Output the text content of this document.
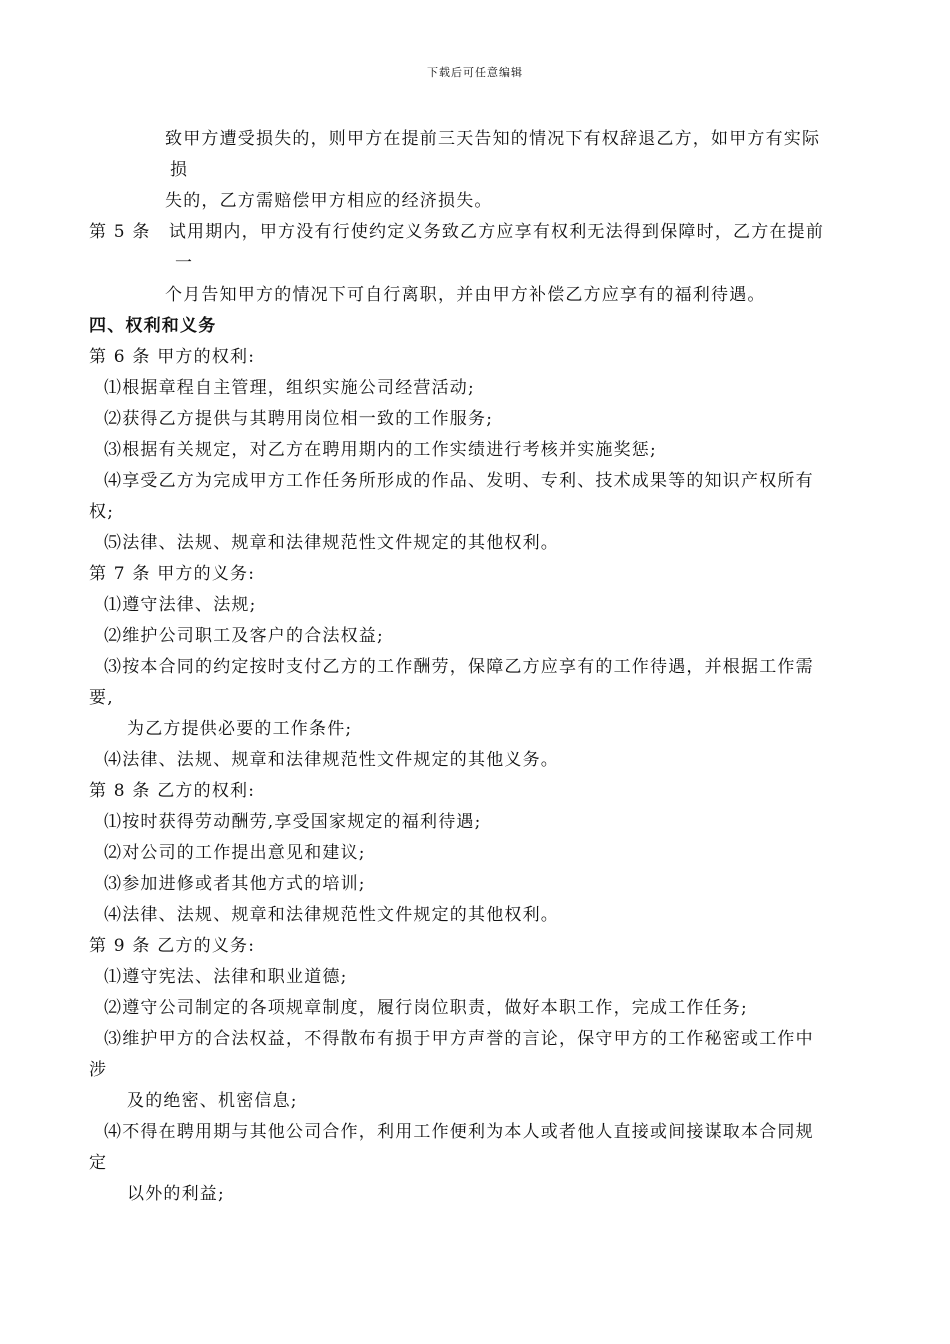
下载后可任意编辑
致甲方遭受损失的，则甲方在提前三天告知的情况下有权辞退乙方，如甲方有实际
损
失的，乙方需赔偿甲方相应的经济损失。
第 5 条　试用期内，甲方没有行使约定义务致乙方应享有权利无法得到保障时，乙方在提前
一
个月告知甲方的情况下可自行离职，并由甲方补偿乙方应享有的福利待遇。
四、权利和义务
第 6 条 甲方的权利:
⑴根据章程自主管理，组织实施公司经营活动;
⑵获得乙方提供与其聘用岗位相一致的工作服务;
⑶根据有关规定，对乙方在聘用期内的工作实绩进行考核并实施奖惩;
⑷享受乙方为完成甲方工作任务所形成的作品、发明、专利、技术成果等的知识产权所有
权;
⑸法律、法规、规章和法律规范性文件规定的其他权利。
第 7 条 甲方的义务:
⑴遵守法律、法规;
⑵维护公司职工及客户的合法权益;
⑶按本合同的约定按时支付乙方的工作酬劳，保障乙方应享有的工作待遇，并根据工作需
要,
为乙方提供必要的工作条件;
⑷法律、法规、规章和法律规范性文件规定的其他义务。
第 8 条 乙方的权利:
⑴按时获得劳动酬劳,享受国家规定的福利待遇;
⑵对公司的工作提出意见和建议;
⑶参加进修或者其他方式的培训;
⑷法律、法规、规章和法律规范性文件规定的其他权利。
第 9 条 乙方的义务:
⑴遵守宪法、法律和职业道德;
⑵遵守公司制定的各项规章制度，履行岗位职责，做好本职工作，完成工作任务;
⑶维护甲方的合法权益，不得散布有损于甲方声誉的言论，保守甲方的工作秘密或工作中
涉
及的绝密、机密信息;
⑷不得在聘用期与其他公司合作，利用工作便利为本人或者他人直接或间接谋取本合同规
定
以外的利益;
